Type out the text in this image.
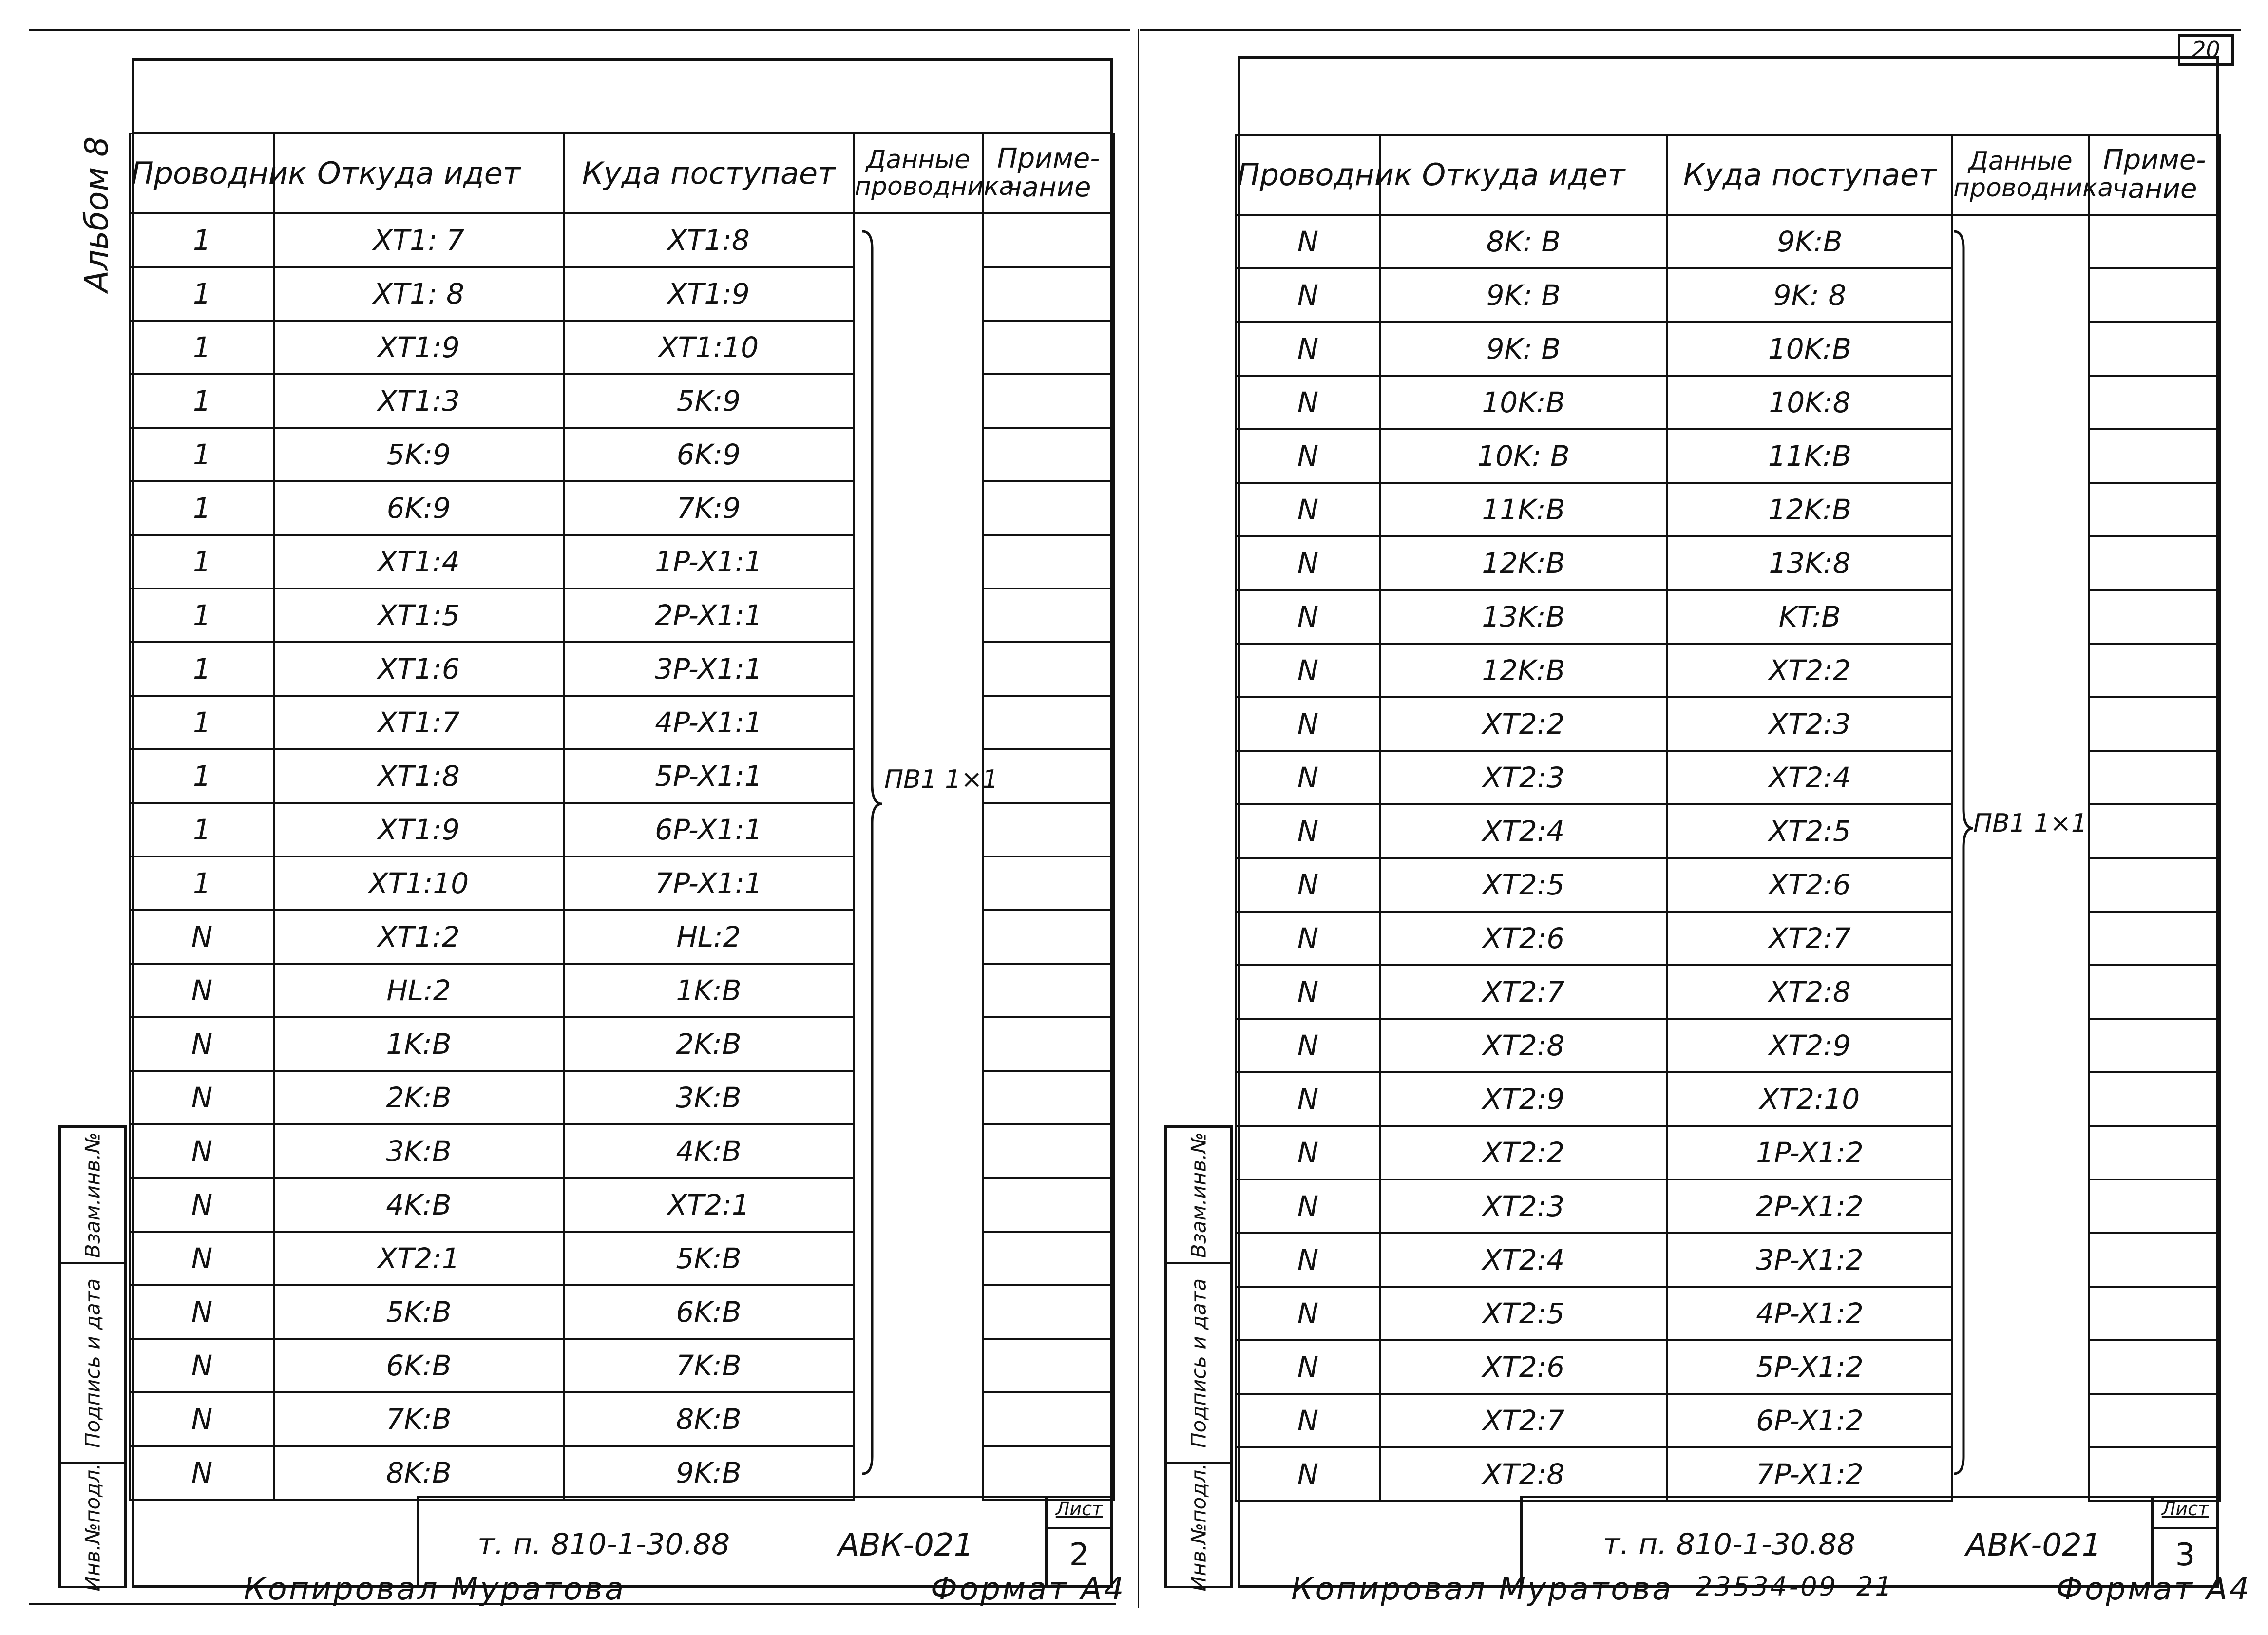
Альбом 8 Проводник	Откуда идет	Куда поступает	Данные проводника	Приме- чание
1	XT1: 7	XT1:8		
1	XT1: 8	XT1:9		
1	XT1:9	XT1:10		
1	XT1:3	5K:9		
1	5K:9	6K:9		
1	6K:9	7K:9		
1	XT1:4	1P-X1:1		
1	XT1:5	2P-X1:1		
1	XT1:6	3P-X1:1		
1	XT1:7	4P-X1:1		
1	XT1:8	5P-X1:1		
1	XT1:9	6P-X1:1		
1	XT1:10	7P-X1:1		
N	XT1:2	HL:2		
N	HL:2	1K:B		
N	1K:B	2K:B		
N	2K:B	3K:B		
N	3K:B	4K:B		
N	4K:B	XT2:1		
N	XT2:1	5K:B		
N	5K:B	6K:B		
N	6K:B	7K:B		
N	7K:B	8K:B		
N	8K:B	9K:B		
ПВ1 1×1
Взам.инв.№
Подпись и дата
Инв.№подл.	т. п. 810-1-30.88	АВК-021
Лист
2
Копировал Муратова	Формат А4
20
Проводник	Откуда идет	Куда поступает	Данные проводника	Приме- чание
N	8K: B	9K:B		
N	9K: B	9K: 8		
N	9K: B	10K:B		
N	10K:B	10K:8		
N	10K: B	11K:B		
N	11K:B	12K:B		
N	12K:B	13K:8		
N	13K:B	KT:B		
N	12K:B	XT2:2		
N	XT2:2	XT2:3		
N	XT2:3	XT2:4		
N	XT2:4	XT2:5		
N	XT2:5	XT2:6		
N	XT2:6	XT2:7		
N	XT2:7	XT2:8		
N	XT2:8	XT2:9		
N	XT2:9	XT2:10		
N	XT2:2	1P-X1:2		
N	XT2:3	2P-X1:2		
N	XT2:4	3P-X1:2		
N	XT2:5	4P-X1:2		
N	XT2:6	5P-X1:2		
N	XT2:7	6P-X1:2		
N	XT2:8	7P-X1:2		
ПВ1 1×1
Взам.инв.№
Подпись и дата
Инв.№подл.	т. п. 810-1-30.88	АВК-021
Лист
3
Копировал Муратова 23534-09 21	Формат А4
